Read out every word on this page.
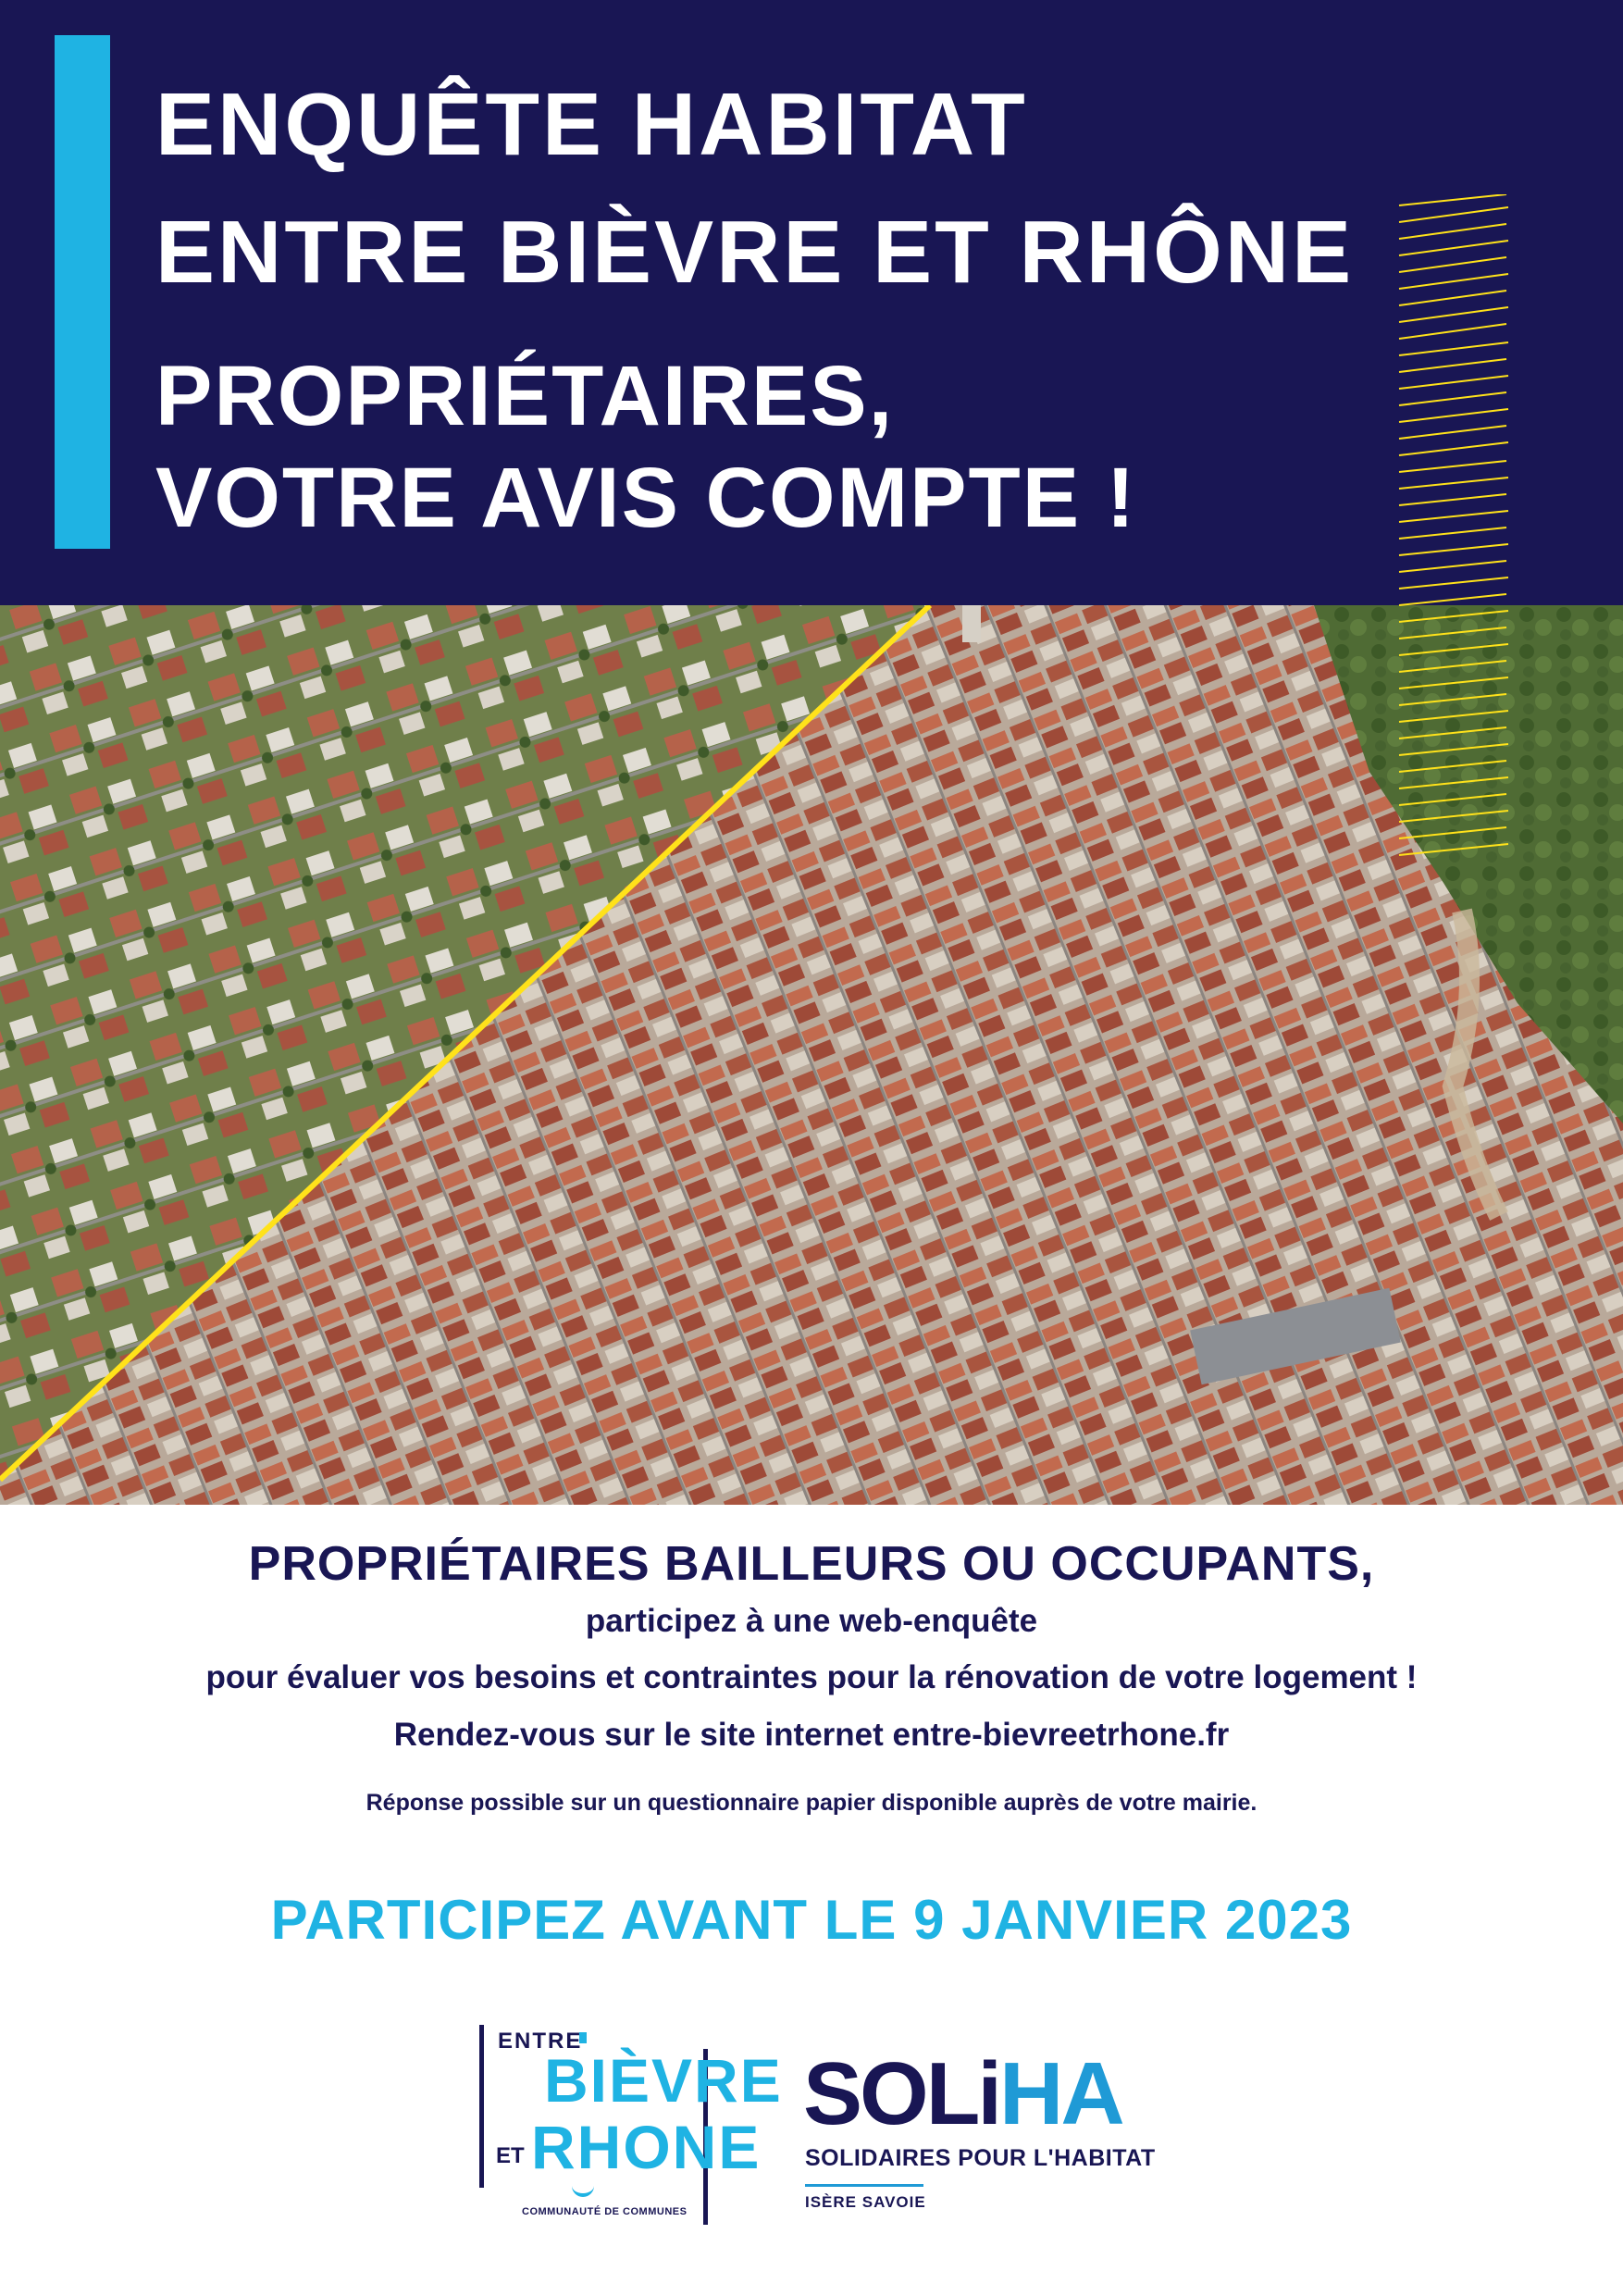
ENQUÊTE HABITAT
ENTRE BIÈVRE ET RHÔNE
PROPRIÉTAIRES,
VOTRE AVIS COMPTE !

PROPRIÉTAIRES BAILLEURS OU OCCUPANTS,

participez à une web-enquête

pour évaluer vos besoins et contraintes pour la rénovation de votre logement !

Rendez-vous sur le site internet entre-bievreetrhone.fr

Réponse possible sur un questionnaire papier disponible auprès de votre mairie.

PARTICIPEZ AVANT LE 9 JANVIER 2023

ENTRE
BIÈVRE
ET RHONE
COMMUNAUTÉ DE COMMUNES
SOLiHA
SOLIDAIRES POUR L'HABITAT
ISÈRE SAVOIE
